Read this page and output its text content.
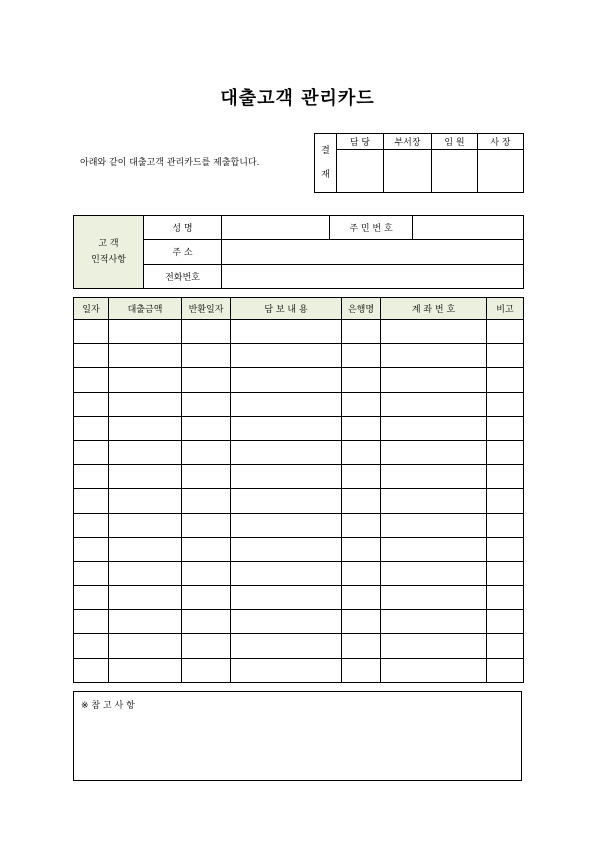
대출고객 관리카드
아래와 같이 대출고객 관리카드를 제출합니다.
결
재	담 당	부서장	임 원	사 장

고 객
인적사항	성 명		주 민 번 호	
	주 소			
	전화번호			
일자	대출금액	반환일자	담 보 내 용	은행명	계 좌 번 호	비고

※ 참 고 사 항
